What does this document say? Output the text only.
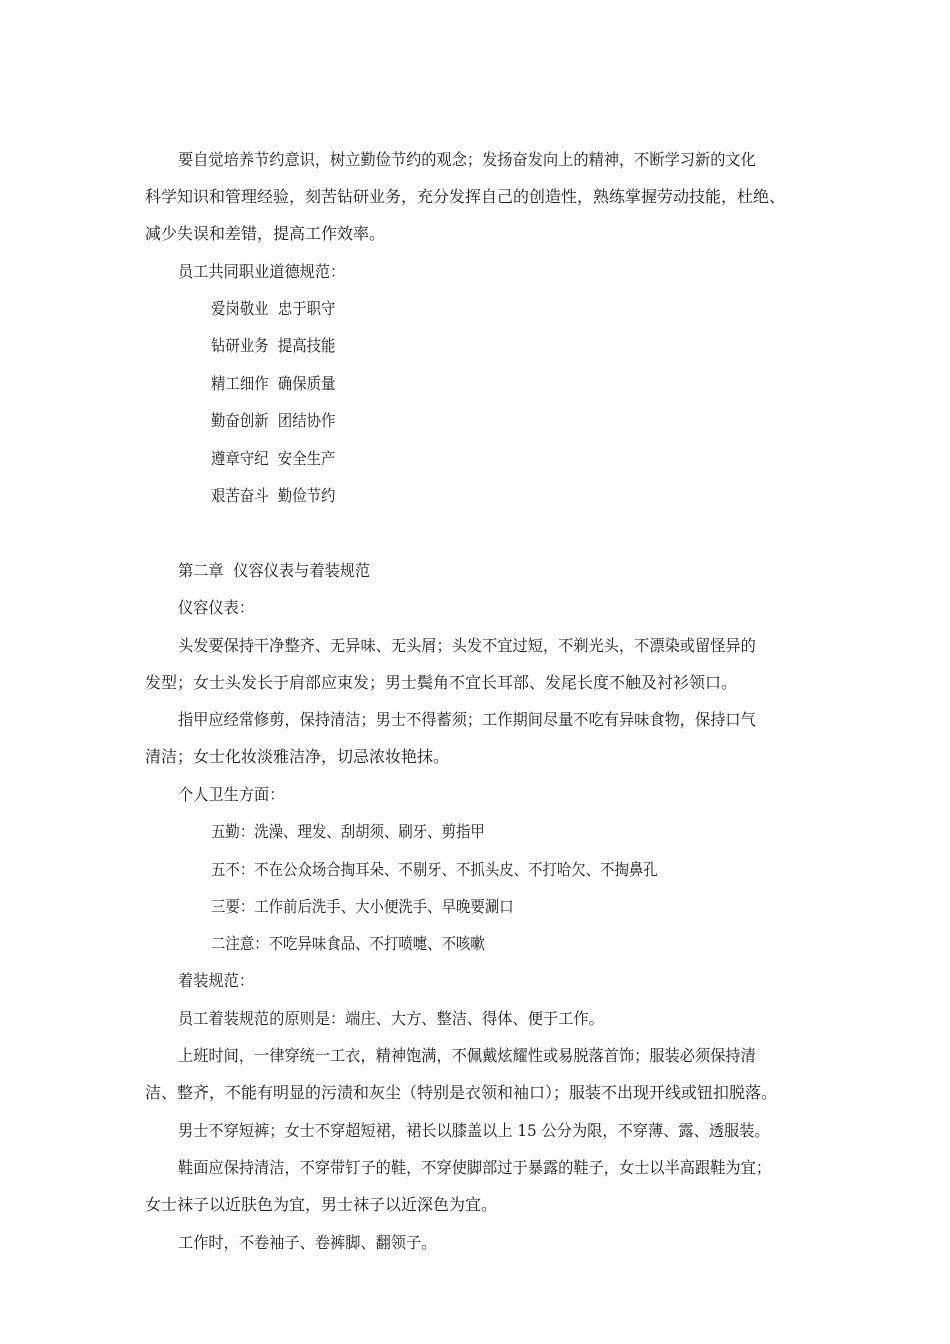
要自觉培养节约意识，树立勤俭节约的观念；发扬奋发向上的精神，不断学习新的文化
科学知识和管理经验，刻苦钻研业务，充分发挥自己的创造性，熟练掌握劳动技能，杜绝、
减少失误和差错，提高工作效率。
员工共同职业道德规范：
爱岗敬业  忠于职守
钻研业务  提高技能
精工细作  确保质量
勤奋创新  团结协作
遵章守纪  安全生产
艰苦奋斗  勤俭节约
第二章  仪容仪表与着装规范
仪容仪表：
头发要保持干净整齐、无异味、无头屑；头发不宜过短，不剃光头，不漂染或留怪异的
发型；女士头发长于肩部应束发；男士鬓角不宜长耳部、发尾长度不触及衬衫领口。
指甲应经常修剪，保持清洁；男士不得蓄须；工作期间尽量不吃有异味食物，保持口气
清洁；女士化妆淡雅洁净，切忌浓妆艳抹。
个人卫生方面：
五勤：洗澡、理发、刮胡须、刷牙、剪指甲
五不：不在公众场合掏耳朵、不剔牙、不抓头皮、不打哈欠、不掏鼻孔
三要：工作前后洗手、大小便洗手、早晚要涮口
二注意：不吃异味食品、不打喷嚏、不咳嗽
着装规范：
员工着装规范的原则是：端庄、大方、整洁、得体、便于工作。
上班时间，一律穿统一工衣，精神饱满，不佩戴炫耀性或易脱落首饰；服装必须保持清
洁、整齐，不能有明显的污渍和灰尘（特别是衣领和袖口）；服装不出现开线或钮扣脱落。
男士不穿短裤；女士不穿超短裙，裙长以膝盖以上 15 公分为限，不穿薄、露、透服装。
鞋面应保持清洁，不穿带钉子的鞋，不穿使脚部过于暴露的鞋子，女士以半高跟鞋为宜；
女士袜子以近肤色为宜，男士袜子以近深色为宜。
工作时，不卷袖子、卷裤脚、翻领子。
